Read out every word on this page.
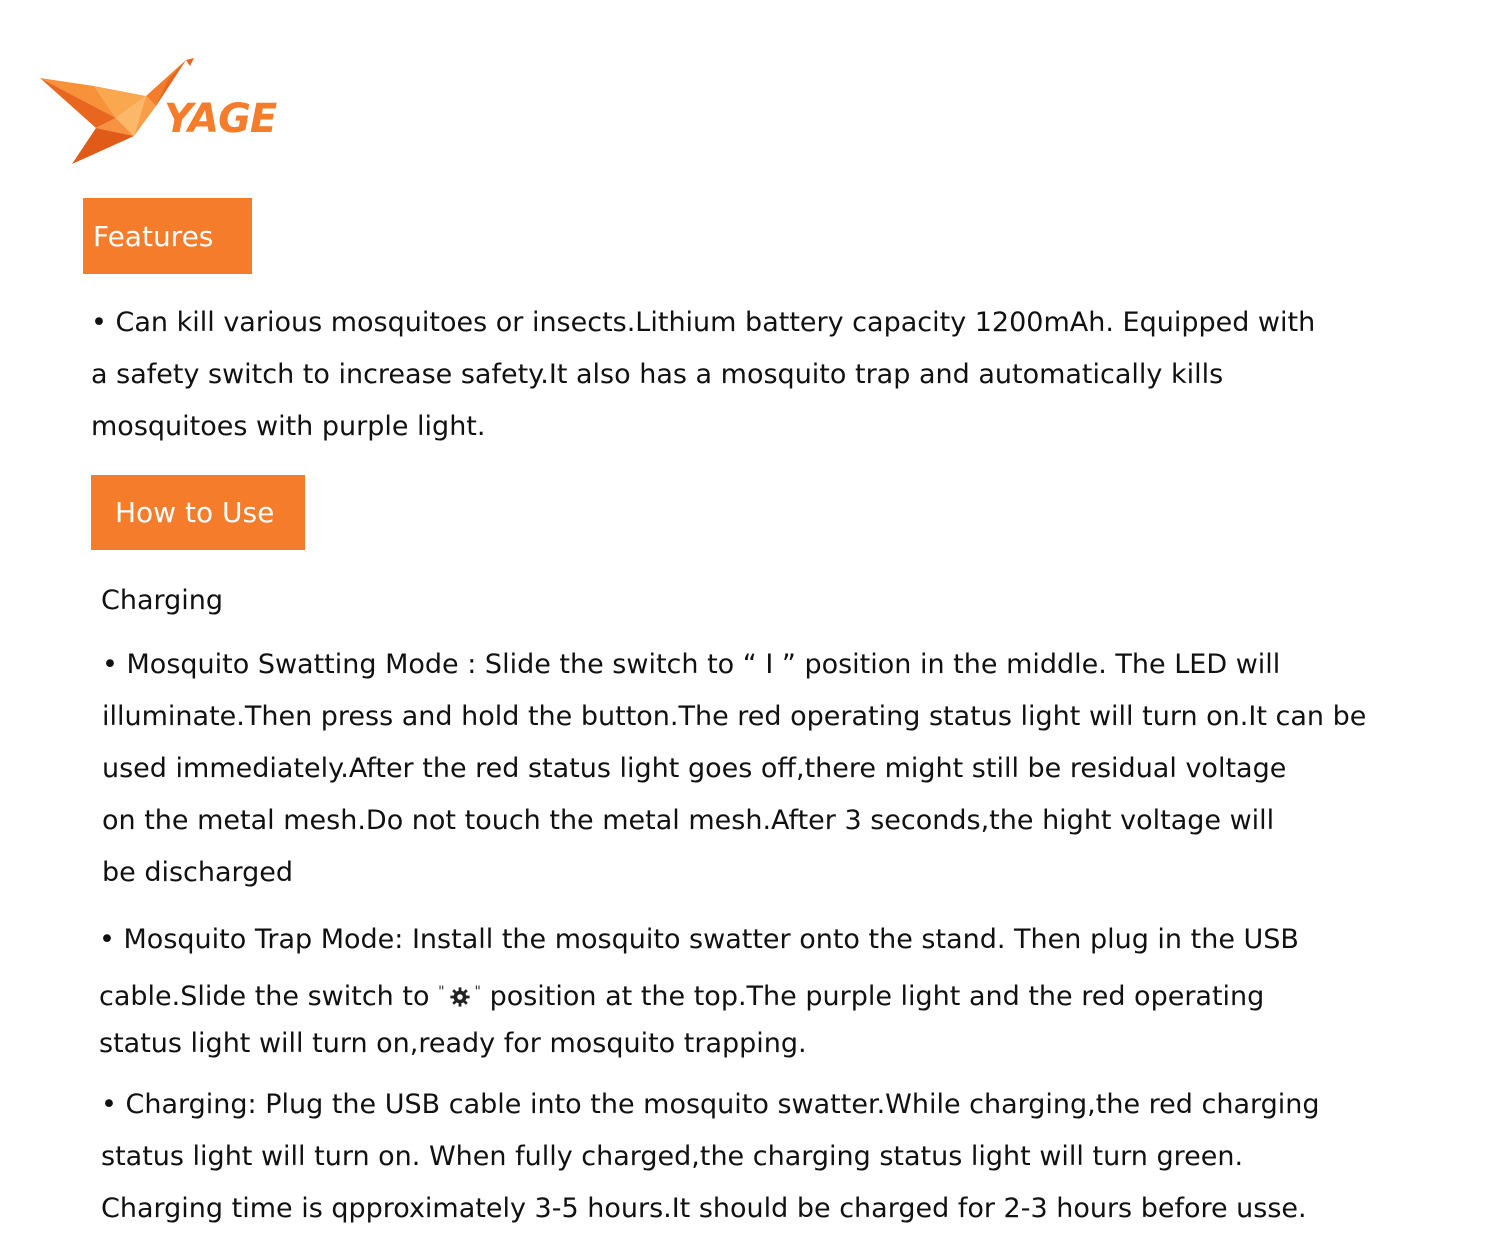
YAGE
Features
• Can kill various mosquitoes or insects.Lithium battery capacity 1200mAh. Equipped with
a safety switch to increase safety.It also has a mosquito trap and automatically kills
mosquitoes with purple light.
How to Use
Charging
• Mosquito Swatting Mode : Slide the switch to “ I ” position in the middle. The LED will
illuminate.Then press and hold the button.The red operating status light will turn on.It can be
used immediately.After the red status light goes off,there might still be residual voltage
on the metal mesh.Do not touch the metal mesh.After 3 seconds,the hight voltage will
be discharged
• Mosquito Trap Mode: Install the mosquito swatter onto the stand. Then plug in the USB
cable.Slide the switch to " " position at the top.The purple light and the red operating
status light will turn on,ready for mosquito trapping.
• Charging: Plug the USB cable into the mosquito swatter.While charging,the red charging
status light will turn on. When fully charged,the charging status light will turn green.
Charging time is qpproximately 3-5 hours.It should be charged for 2-3 hours before usse.
